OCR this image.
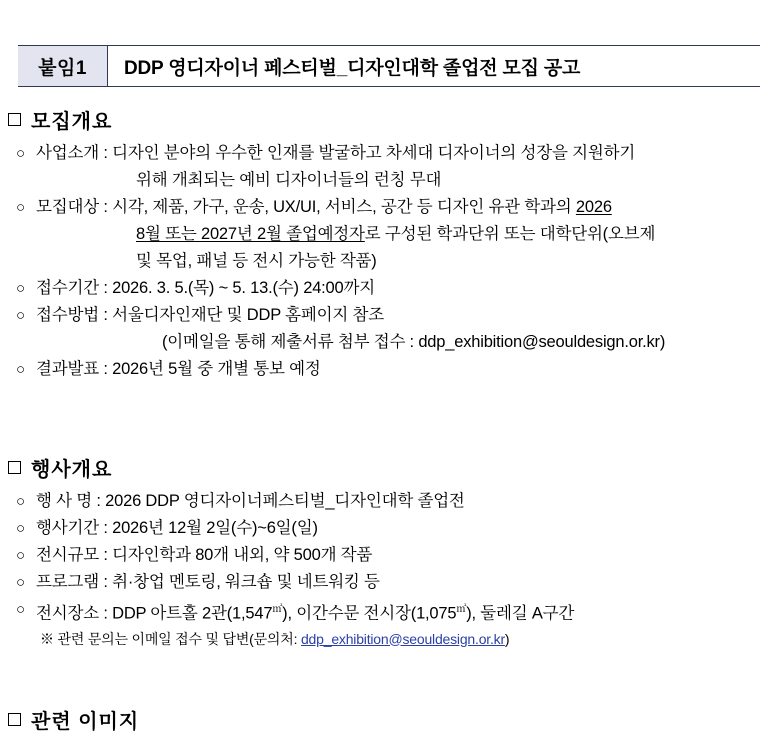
붙임1	DDP 영디자이너 페스티벌_디자인대학 졸업전 모집 공고
모집개요
○ 사업소개 : 디자인 분야의 우수한 인재를 발굴하고 차세대 디자이너의 성장을 지원하기
위해 개최되는 예비 디자이너들의 런칭 무대
○ 모집대상 : 시각, 제품, 가구, 운송, UX/UI, 서비스, 공간 등 디자인 유관 학과의 2026
8월 또는 2027년 2월 졸업예정자로 구성된 학과단위 또는 대학단위(오브제
및 목업, 패널 등 전시 가능한 작품)
○ 접수기간 : 2026. 3. 5.(목) ~ 5. 13.(수) 24:00까지
○ 접수방법 : 서울디자인재단 및 DDP 홈페이지 참조
(이메일을 통해 제출서류 첨부 접수 : ddp_exhibition@seouldesign.or.kr)
○ 결과발표 : 2026년 5월 중 개별 통보 예정
행사개요
○ 행 사 명 : 2026 DDP 영디자이너페스티벌_디자인대학 졸업전
○ 행사기간 : 2026년 12월 2일(수)~6일(일)
○ 전시규모 : 디자인학과 80개 내외, 약 500개 작품
○ 프로그램 : 취·창업 멘토링, 워크숍 및 네트워킹 등
○ 전시장소 : DDP 아트홀 2관(1,547㎡), 이간수문 전시장(1,075㎡), 둘레길 A구간
※ 관련 문의는 이메일 접수 및 답변(문의처: ddp_exhibition@seouldesign.or.kr)
관련 이미지
